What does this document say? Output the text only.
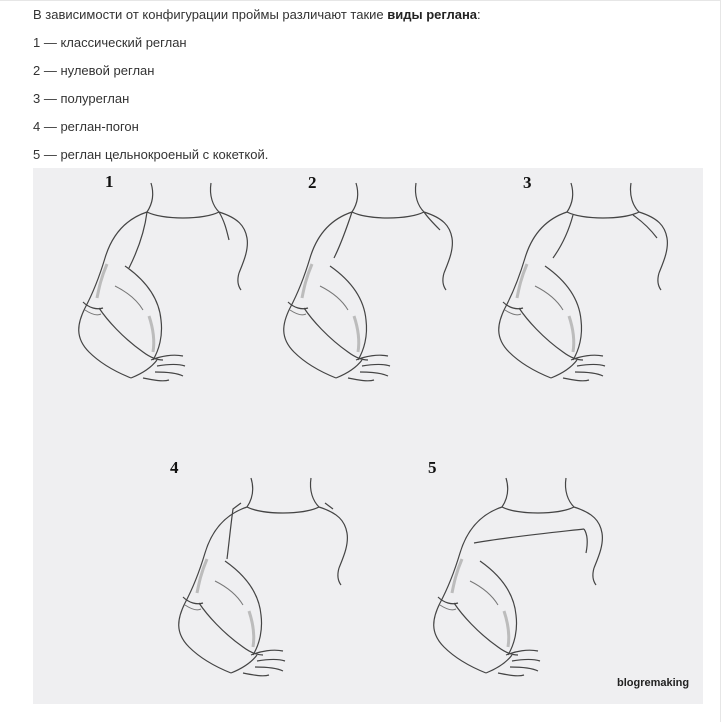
В зависимости от конфигурации проймы различают такие виды реглана:
1 — классический реглан
2 — нулевой реглан
3 — полуреглан
4 — реглан-погон
5 — реглан цельнокроеный с кокеткой.
1	2	3
4	5
blogremaking
